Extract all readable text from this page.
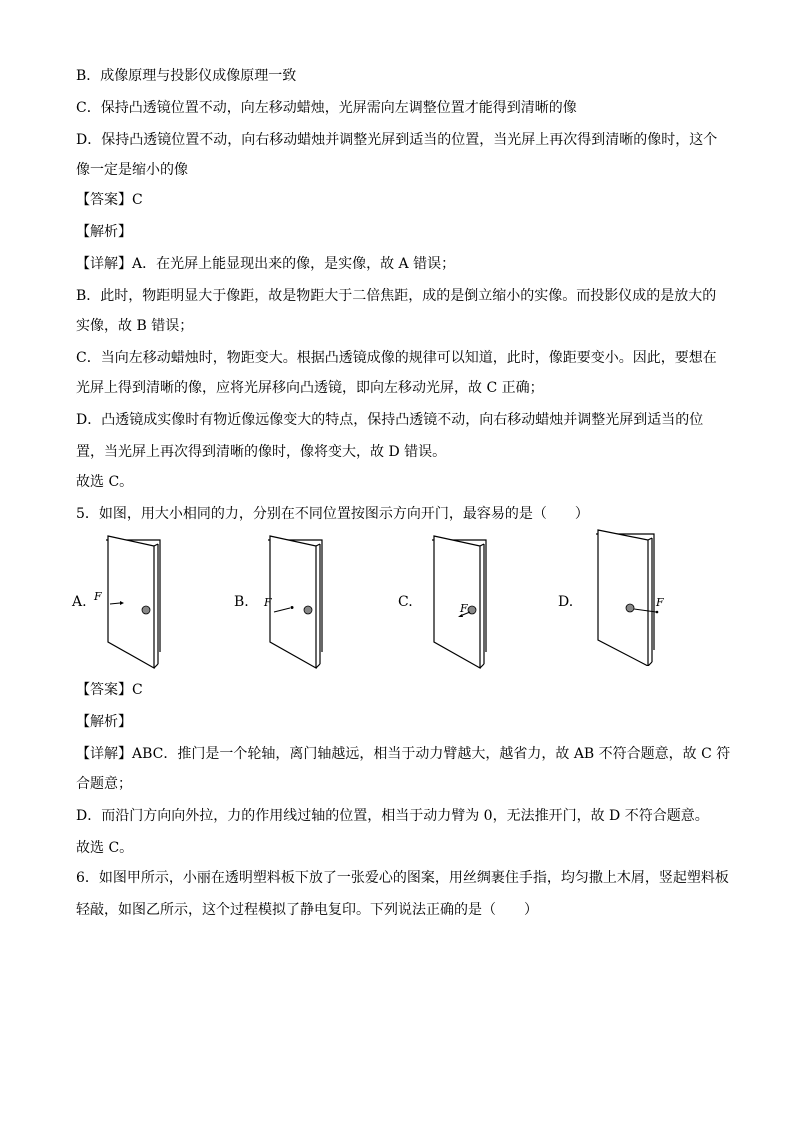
B．成像原理与投影仪成像原理一致
C．保持凸透镜位置不动，向左移动蜡烛，光屏需向左调整位置才能得到清晰的像
D．保持凸透镜位置不动，向右移动蜡烛并调整光屏到适当的位置，当光屏上再次得到清晰的像时，这个
像一定是缩小的像
【答案】C
【解析】
【详解】A．在光屏上能显现出来的像，是实像，故 A 错误；
B．此时，物距明显大于像距，故是物距大于二倍焦距，成的是倒立缩小的实像。而投影仪成的是放大的
实像，故 B 错误；
C．当向左移动蜡烛时，物距变大。根据凸透镜成像的规律可以知道，此时，像距要变小。因此，要想在
光屏上得到清晰的像，应将光屏移向凸透镜，即向左移动光屏，故 C 正确；
D．凸透镜成实像时有物近像远像变大的特点，保持凸透镜不动，向右移动蜡烛并调整光屏到适当的位
置，当光屏上再次得到清晰的像时，像将变大，故 D 错误。
故选 C。
5．如图，用大小相同的力，分别在不同位置按图示方向开门，最容易的是（　　）
A. F	B. F	C.	F	D.	F
【答案】C
【解析】
【详解】ABC．推门是一个轮轴，离门轴越远，相当于动力臂越大，越省力，故 AB 不符合题意，故 C 符
合题意；
D．而沿门方向向外拉，力的作用线过轴的位置，相当于动力臂为 0，无法推开门，故 D 不符合题意。
故选 C。
6．如图甲所示，小丽在透明塑料板下放了一张爱心的图案，用丝绸裹住手指，均匀撒上木屑，竖起塑料板
轻敲，如图乙所示，这个过程模拟了静电复印。下列说法正确的是（　　）
